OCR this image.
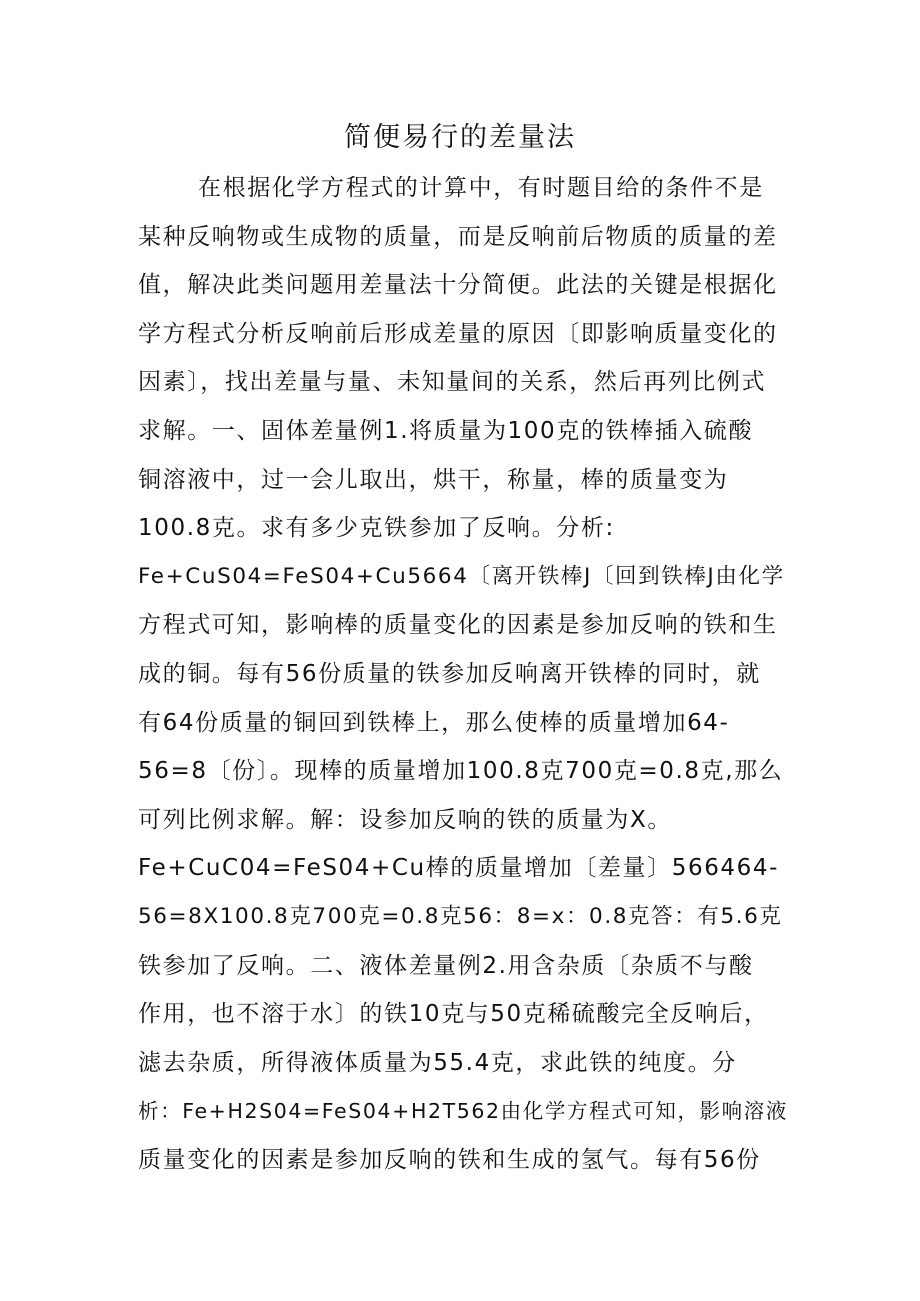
简便易行的差量法
在根据化学方程式的计算中，有时题目给的条件不是
某种反响物或生成物的质量，而是反响前后物质的质量的差
值，解决此类问题用差量法十分简便。此法的关键是根据化
学方程式分析反响前后形成差量的原因〔即影响质量变化的
因素〕，找出差量与量、未知量间的关系，然后再列比例式
求解。一、固体差量例1.将质量为100克的铁棒插入硫酸
铜溶液中，过一会儿取出，烘干，称量，棒的质量变为
100.8克。求有多少克铁参加了反响。分析:
Fe+CuS04=FeS04+Cu5664〔离开铁棒J〔回到铁棒J由化学
方程式可知，影响棒的质量变化的因素是参加反响的铁和生
成的铜。每有56份质量的铁参加反响离开铁棒的同时，就
有64份质量的铜回到铁棒上，那么使棒的质量增加64-
56=8〔份〕。现棒的质量增加100.8克700克=0.8克,那么
可列比例求解。解：设参加反响的铁的质量为X。
Fe+CuC04=FeS04+Cu棒的质量增加〔差量〕566464-
56=8X100.8克700克=0.8克56：8=x：0.8克答：有5.6克
铁参加了反响。二、液体差量例2.用含杂质〔杂质不与酸
作用，也不溶于水〕的铁10克与50克稀硫酸完全反响后，
滤去杂质，所得液体质量为55.4克，求此铁的纯度。分
析：Fe+H2S04=FeS04+H2T562由化学方程式可知，影响溶液
质量变化的因素是参加反响的铁和生成的氢气。每有56份
